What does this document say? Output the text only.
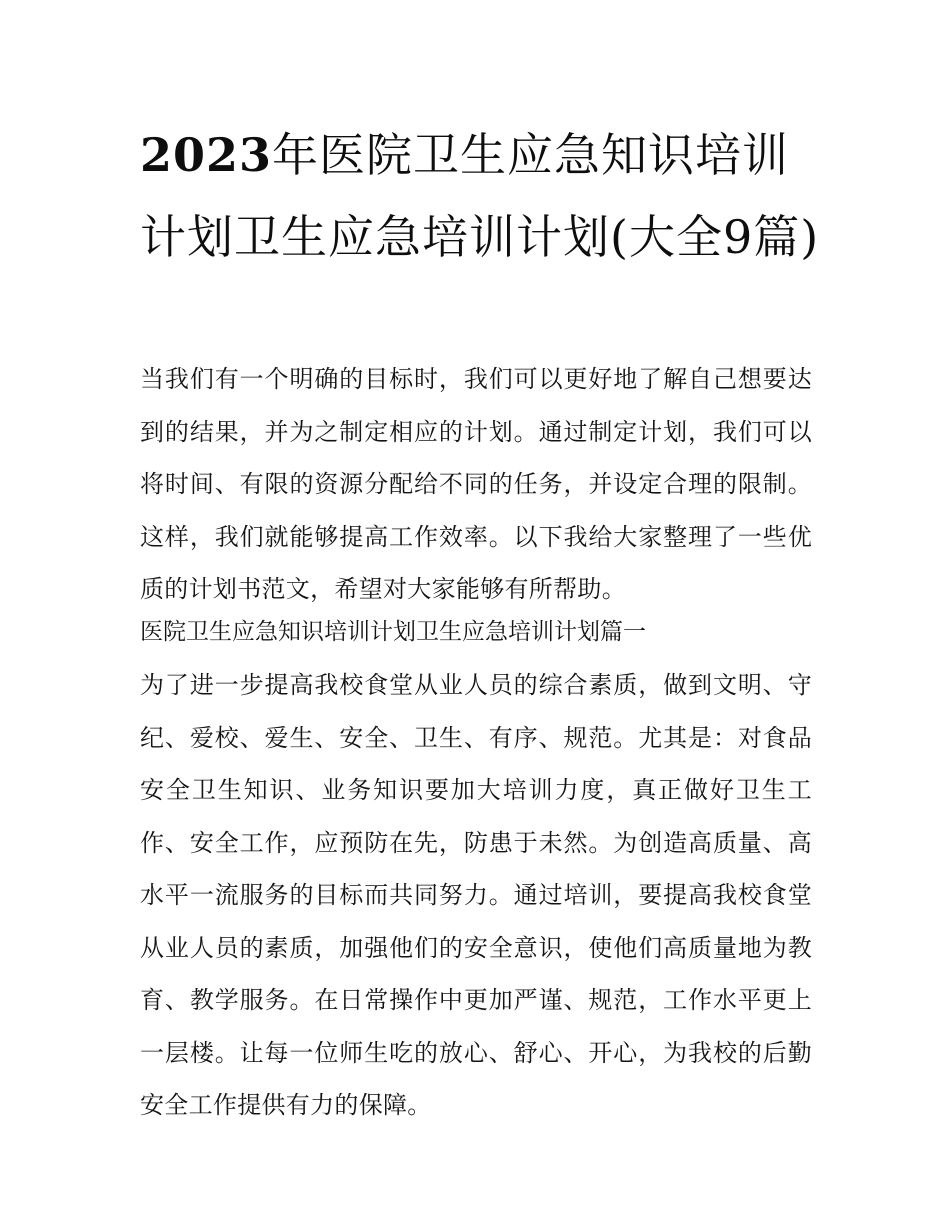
2023年医院卫生应急知识培训计划卫生应急培训计划(大全9篇)

当我们有一个明确的目标时，我们可以更好地了解自己想要达到的结果，并为之制定相应的计划。通过制定计划，我们可以将时间、有限的资源分配给不同的任务，并设定合理的限制。这样，我们就能够提高工作效率。以下我给大家整理了一些优质的计划书范文，希望对大家能够有所帮助。

医院卫生应急知识培训计划卫生应急培训计划篇一

为了进一步提高我校食堂从业人员的综合素质，做到文明、守纪、爱校、爱生、安全、卫生、有序、规范。尤其是：对食品安全卫生知识、业务知识要加大培训力度，真正做好卫生工作、安全工作，应预防在先，防患于未然。为创造高质量、高水平一流服务的目标而共同努力。通过培训，要提高我校食堂从业人员的素质，加强他们的安全意识，使他们高质量地为教育、教学服务。在日常操作中更加严谨、规范，工作水平更上一层楼。让每一位师生吃的放心、舒心、开心，为我校的后勤安全工作提供有力的保障。
